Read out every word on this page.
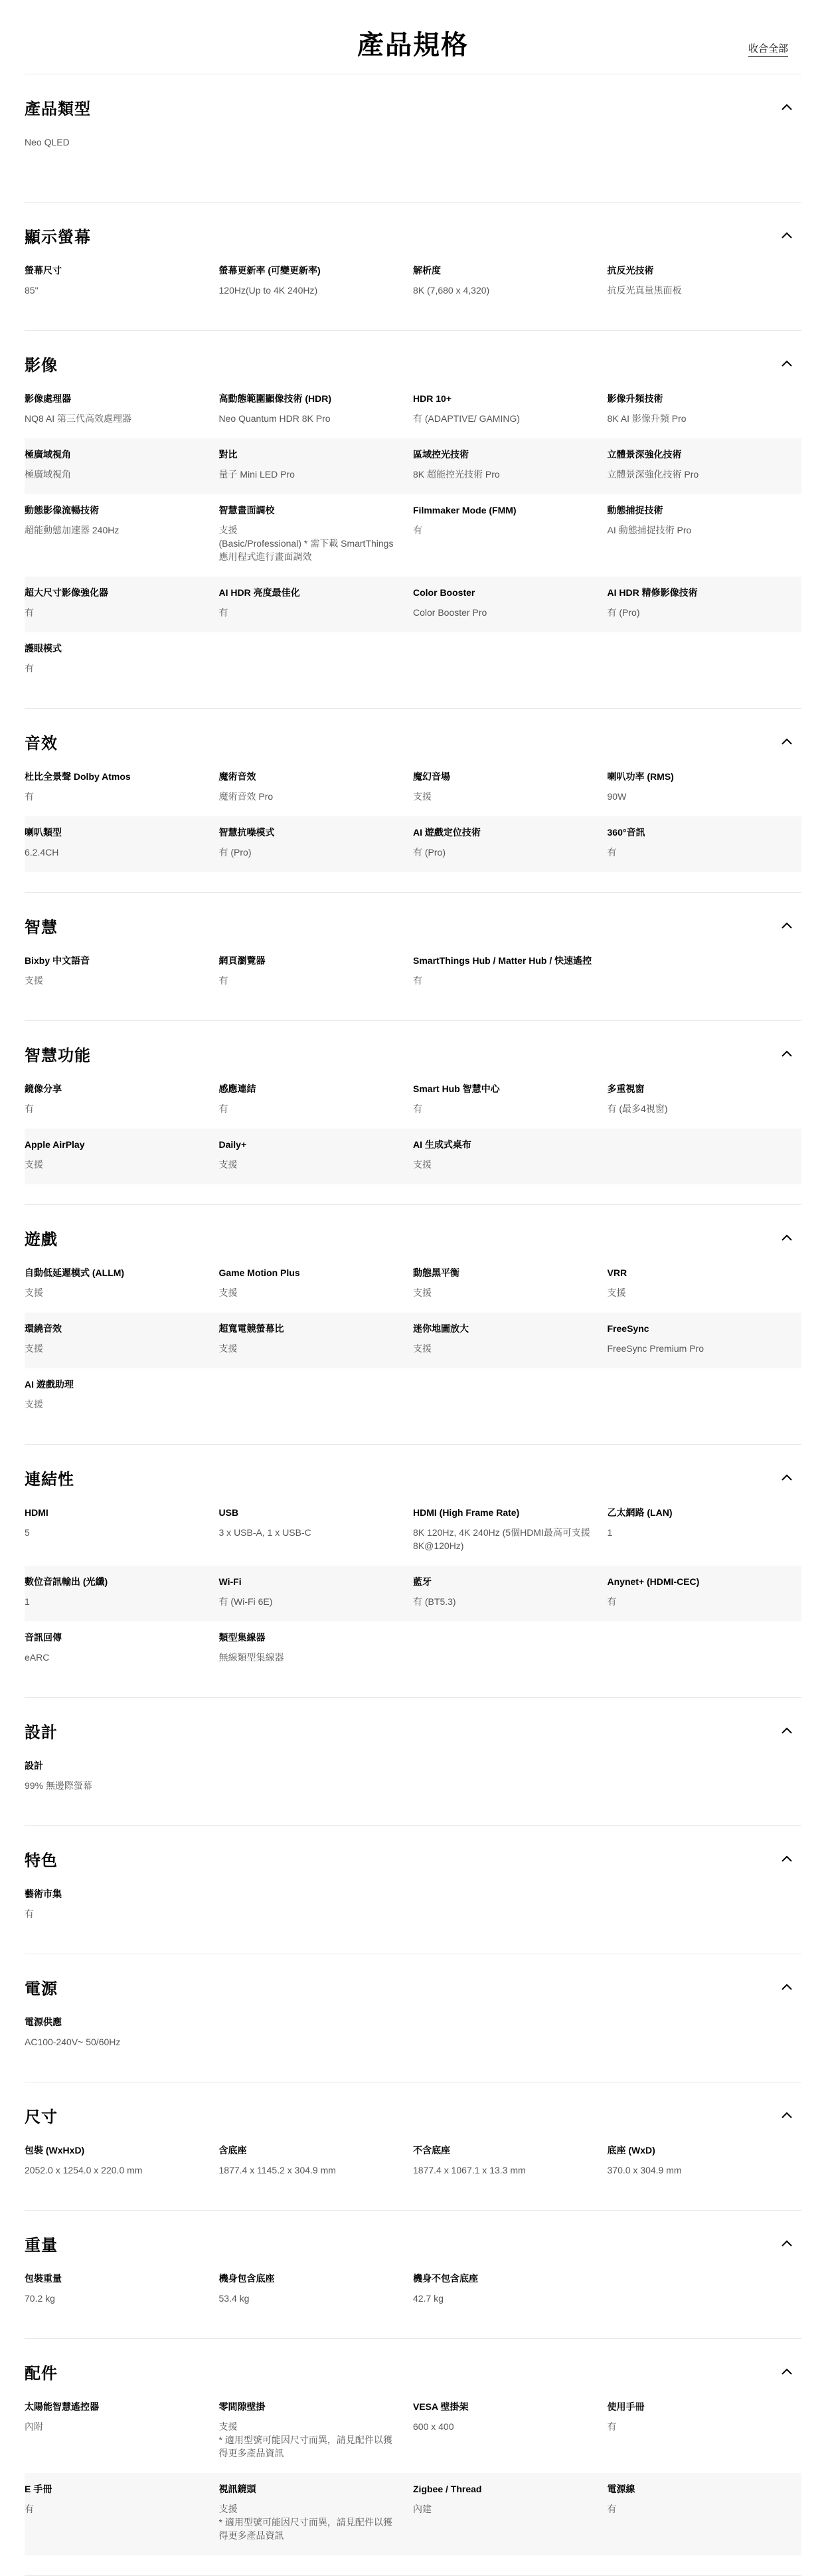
產品規格	收合全部
產品類型
Neo QLED
顯示螢幕
螢幕尺寸
85"
螢幕更新率 (可變更新率)
120Hz(Up to 4K 240Hz)
解析度
8K (7,680 x 4,320)
抗反光技術
抗反光真量黑面板
影像
影像處理器
NQ8 AI 第三代高效處理器
高動態範圍顯像技術 (HDR)
Neo Quantum HDR 8K Pro
HDR 10+
有 (ADAPTIVE/ GAMING)
影像升頻技術
8K AI 影像升頻 Pro
極廣域視角
極廣域視角
對比
量子 Mini LED Pro
區域控光技術
8K 超能控光技術 Pro
立體景深強化技術
立體景深強化技術 Pro
動態影像流暢技術
超能動態加速器 240Hz
智慧畫面調校
支援
(Basic/Professional) * 需下載 SmartThings 應用程式進行畫面調效
Filmmaker Mode (FMM)
有
動態捕捉技術
AI 動態捕捉技術 Pro
超大尺寸影像強化器
有
AI HDR 亮度最佳化
有
Color Booster
Color Booster Pro
AI HDR 精修影像技術
有 (Pro)
護眼模式
有
音效
杜比全景聲 Dolby Atmos
有
魔術音效
魔術音效 Pro
魔幻音場
支援
喇叭功率 (RMS)
90W
喇叭類型
6.2.4CH
智慧抗噪模式
有 (Pro)
AI 遊戲定位技術
有 (Pro)
360°音訊
有
智慧
Bixby 中文語音
支援
網頁瀏覽器
有
SmartThings Hub / Matter Hub / 快速遙控
有
智慧功能
鏡像分享
有
感應連結
有
Smart Hub 智慧中心
有
多重視窗
有 (最多4視窗)
Apple AirPlay
支援
Daily+
支援
AI 生成式桌布
支援
遊戲
自動低延遲模式 (ALLM)
支援
Game Motion Plus
支援
動態黑平衡
支援
VRR
支援
環繞音效
支援
超寬電競螢幕比
支援
迷你地圖放大
支援
FreeSync
FreeSync Premium Pro
AI 遊戲助理
支援
連結性
HDMI
5
USB
3 x USB-A, 1 x USB-C
HDMI (High Frame Rate)
8K 120Hz, 4K 240Hz (5個HDMI最高可支援 8K@120Hz)
乙太網路 (LAN)
1
數位音訊輸出 (光纖)
1
Wi-Fi
有 (Wi-Fi 6E)
藍牙
有 (BT5.3)
Anynet+ (HDMI-CEC)
有
音訊回傳
eARC
類型集線器
無線類型集線器
設計
設計
99% 無邊際螢幕
特色
藝術市集
有
電源
電源供應
AC100-240V~ 50/60Hz
尺寸
包裝 (WxHxD)
2052.0 x 1254.0 x 220.0 mm
含底座
1877.4 x 1145.2 x 304.9 mm
不含底座
1877.4 x 1067.1 x 13.3 mm
底座 (WxD)
370.0 x 304.9 mm
重量
包裝重量
70.2 kg
機身包含底座
53.4 kg
機身不包含底座
42.7 kg
配件
太陽能智慧遙控器
內附
零間隙壁掛
支援
* 適用型號可能因尺寸而異，請見配件以獲得更多產品資訊
VESA 壁掛架
600 x 400
使用手冊
有
E 手冊
有
視訊鏡頭
支援
* 適用型號可能因尺寸而異，請見配件以獲得更多產品資訊
Zigbee / Thread
內建
電源線
有
